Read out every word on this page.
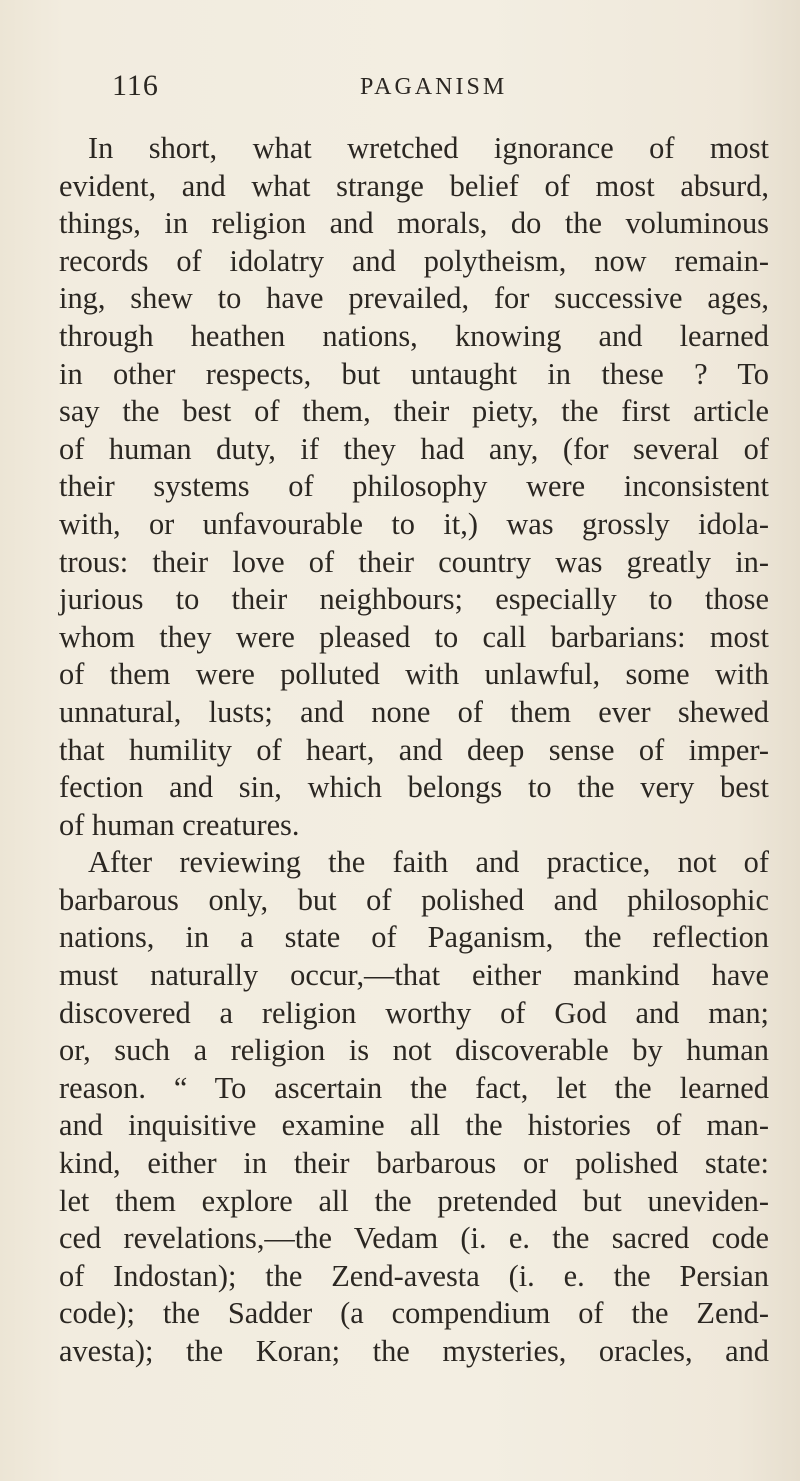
116	PAGANISM
In short, what wretched ignorance of most
evident, and what strange belief of most absurd,
things, in religion and morals, do the voluminous
records of idolatry and polytheism, now remain-
ing, shew to have prevailed, for successive ages,
through heathen nations, knowing and learned
in other respects, but untaught in these ? To
say the best of them, their piety, the first article
of human duty, if they had any, (for several of
their systems of philosophy were inconsistent
with, or unfavourable to it,) was grossly idola-
trous: their love of their country was greatly in-
jurious to their neighbours; especially to those
whom they were pleased to call barbarians: most
of them were polluted with unlawful, some with
unnatural, lusts; and none of them ever shewed
that humility of heart, and deep sense of imper-
fection and sin, which belongs to the very best
of human creatures.
After reviewing the faith and practice, not of
barbarous only, but of polished and philosophic
nations, in a state of Paganism, the reflection
must naturally occur,—that either mankind have
discovered a religion worthy of God and man;
or, such a religion is not discoverable by human
reason. “ To ascertain the fact, let the learned
and inquisitive examine all the histories of man-
kind, either in their barbarous or polished state:
let them explore all the pretended but uneviden-
ced revelations,—the Vedam (i. e. the sacred code
of Indostan); the Zend-avesta (i. e. the Persian
code); the Sadder (a compendium of the Zend-
avesta); the Koran; the mysteries, oracles, and
